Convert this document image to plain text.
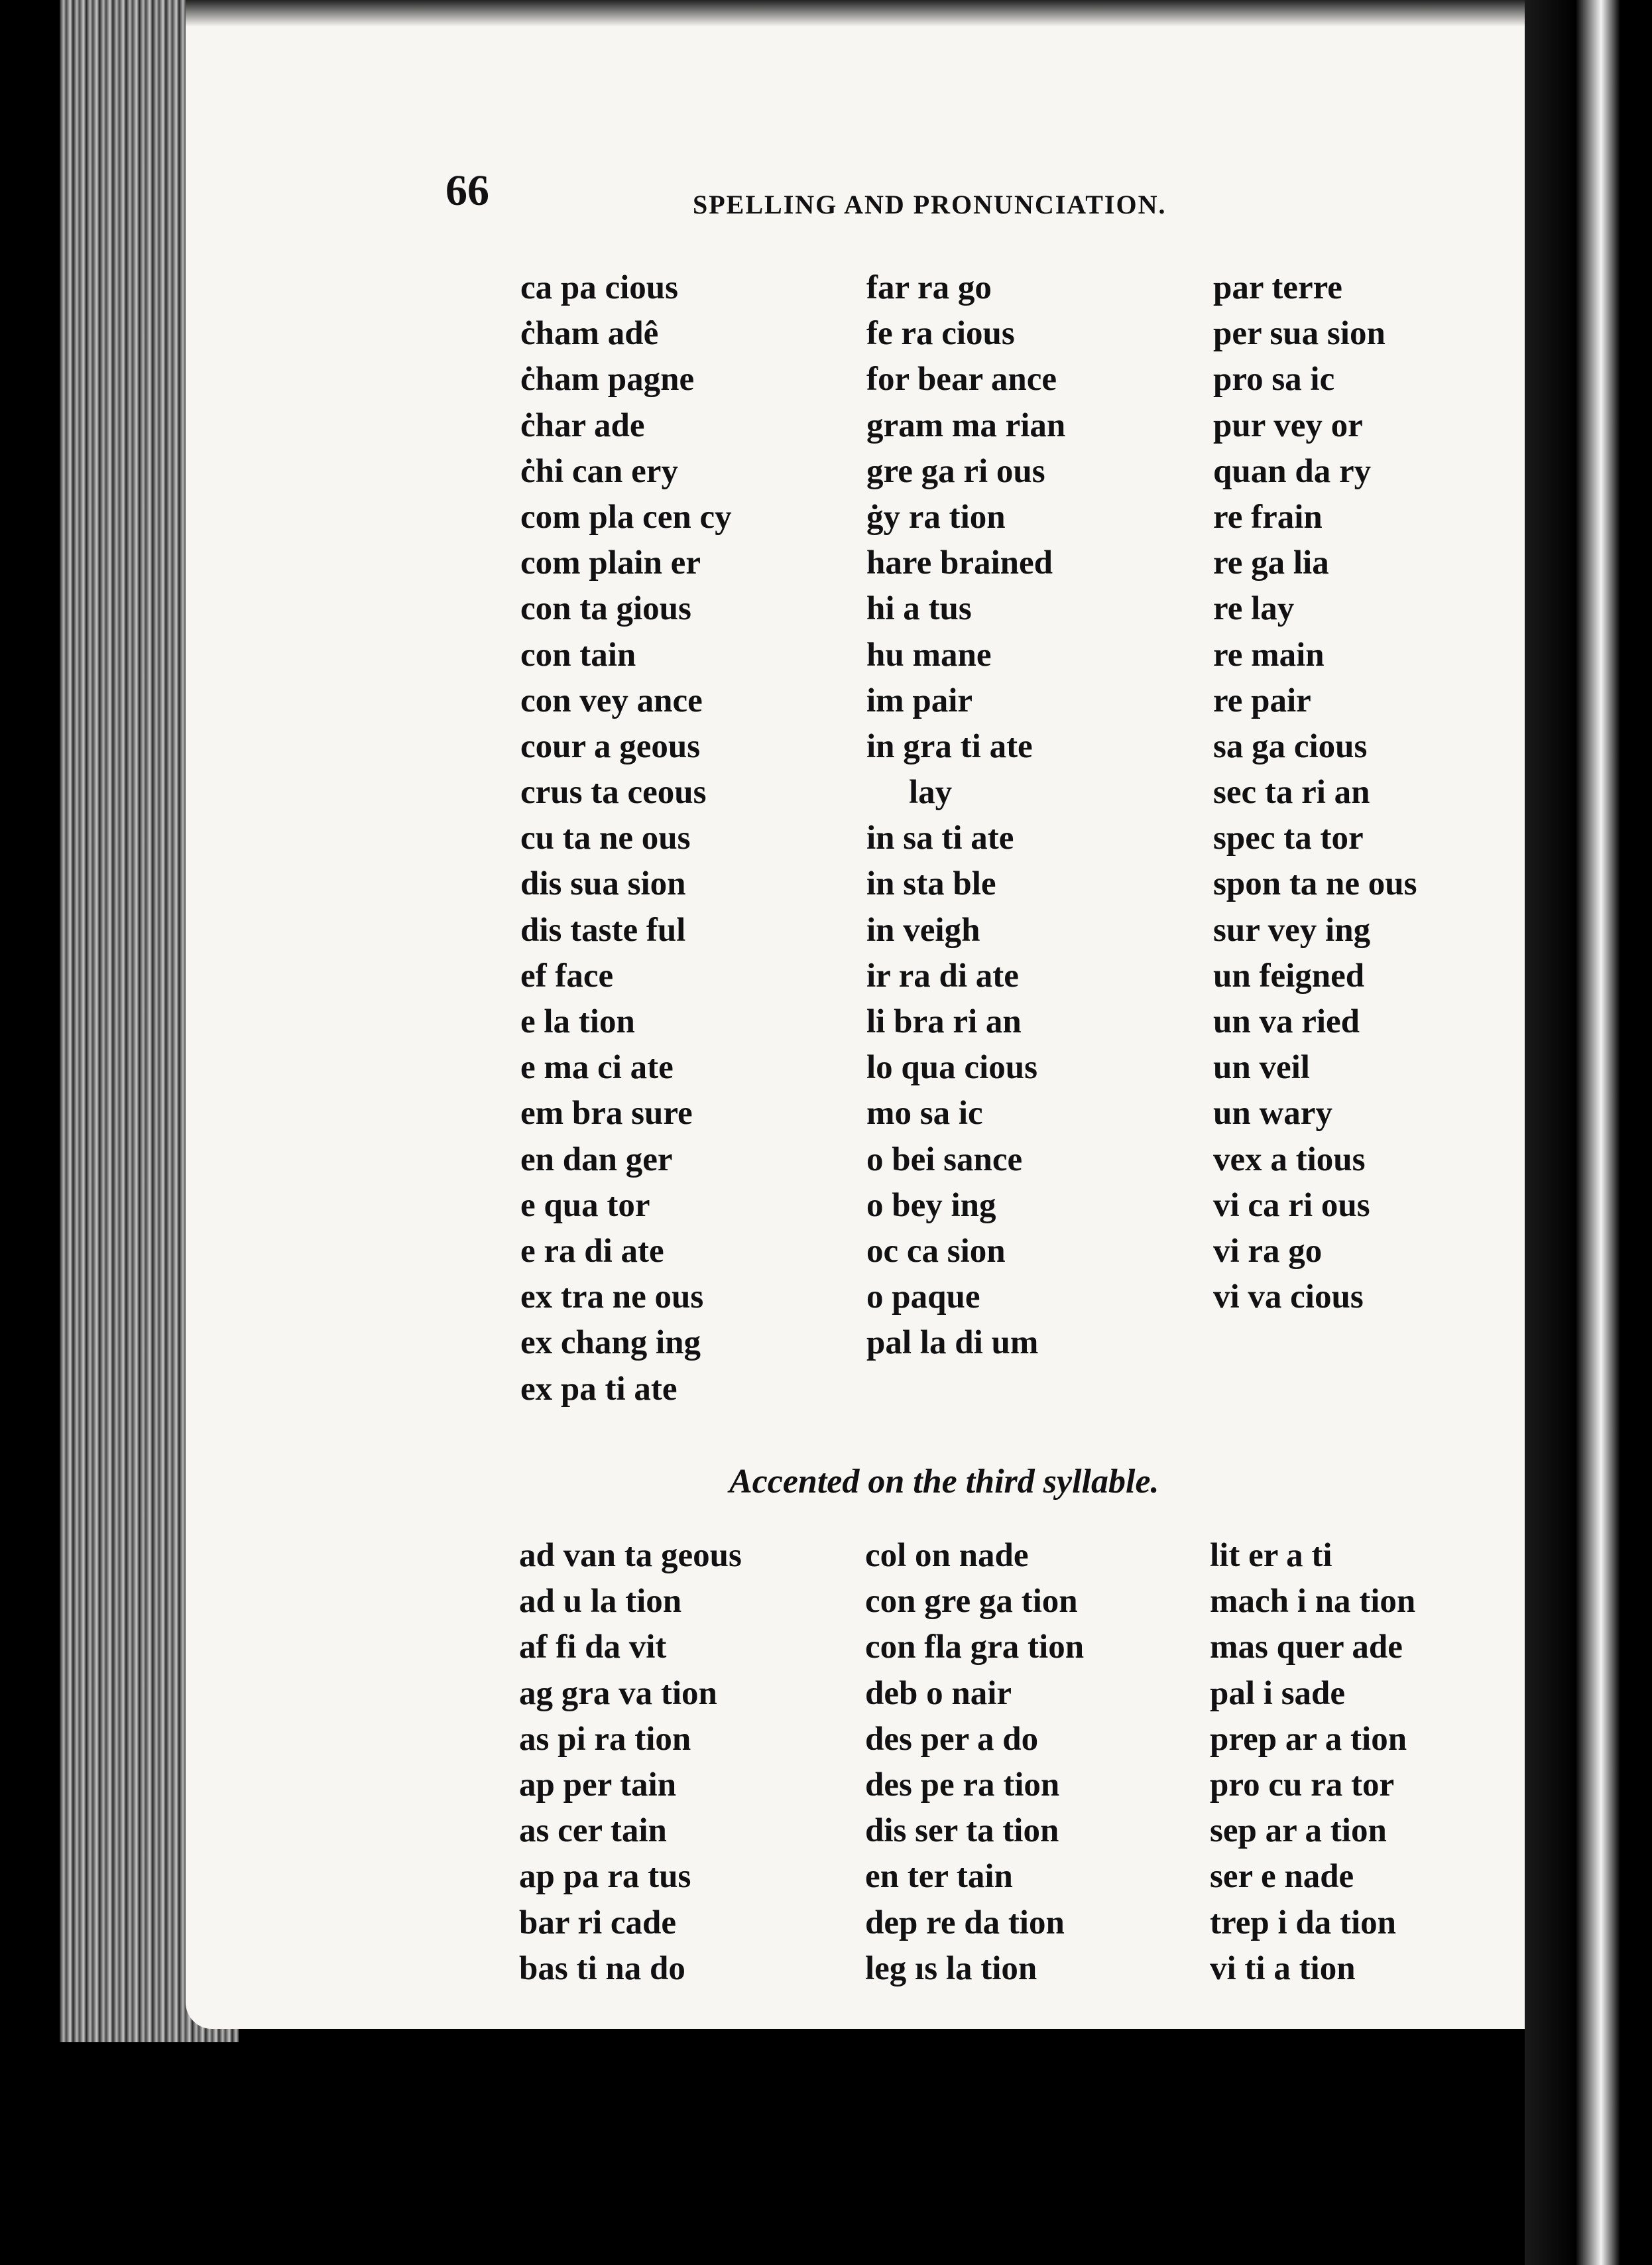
66	SPELLING AND PRONUNCIATION.
ca pa cious
ċham adê
ċham pagne
ċhar ade
ċhi can ery
com pla cen cy
com plain er
con ta gious
con tain
con vey ance
cour a geous
crus ta ceous
cu ta ne ous
dis sua sion
dis taste ful
ef face
e la tion
e ma ci ate
em bra sure
en dan ger
e qua tor
e ra di ate
ex tra ne ous
ex chang ing
ex pa ti ate
far ra go
fe ra cious
for bear ance
gram ma rian
gre ga ri ous
ġy ra tion
hare brained
hi a tus
hu mane
im pair
in gra ti ate
lay
in sa ti ate
in sta ble
in veigh
ir ra di ate
li bra ri an
lo qua cious
mo sa ic
o bei sance
o bey ing
oc ca sion
o paque
pal la di um
par terre
per sua sion
pro sa ic
pur vey or
quan da ry
re frain
re ga lia
re lay
re main
re pair
sa ga cious
sec ta ri an
spec ta tor
spon ta ne ous
sur vey ing
un feigned
un va ried
un veil
un wary
vex a tious
vi ca ri ous
vi ra go
vi va cious
Accented on the third syllable.
ad van ta geous
ad u la tion
af fi da vit
ag gra va tion
as pi ra tion
ap per tain
as cer tain
ap pa ra tus
bar ri cade
bas ti na do
col on nade
con gre ga tion
con fla gra tion
deb o nair
des per a do
des pe ra tion
dis ser ta tion
en ter tain
dep re da tion
leg ıs la tion
lit er a ti
mach i na tion
mas quer ade
pal i sade
prep ar a tion
pro cu ra tor
sep ar a tion
ser e nade
trep i da tion
vi ti a tion
